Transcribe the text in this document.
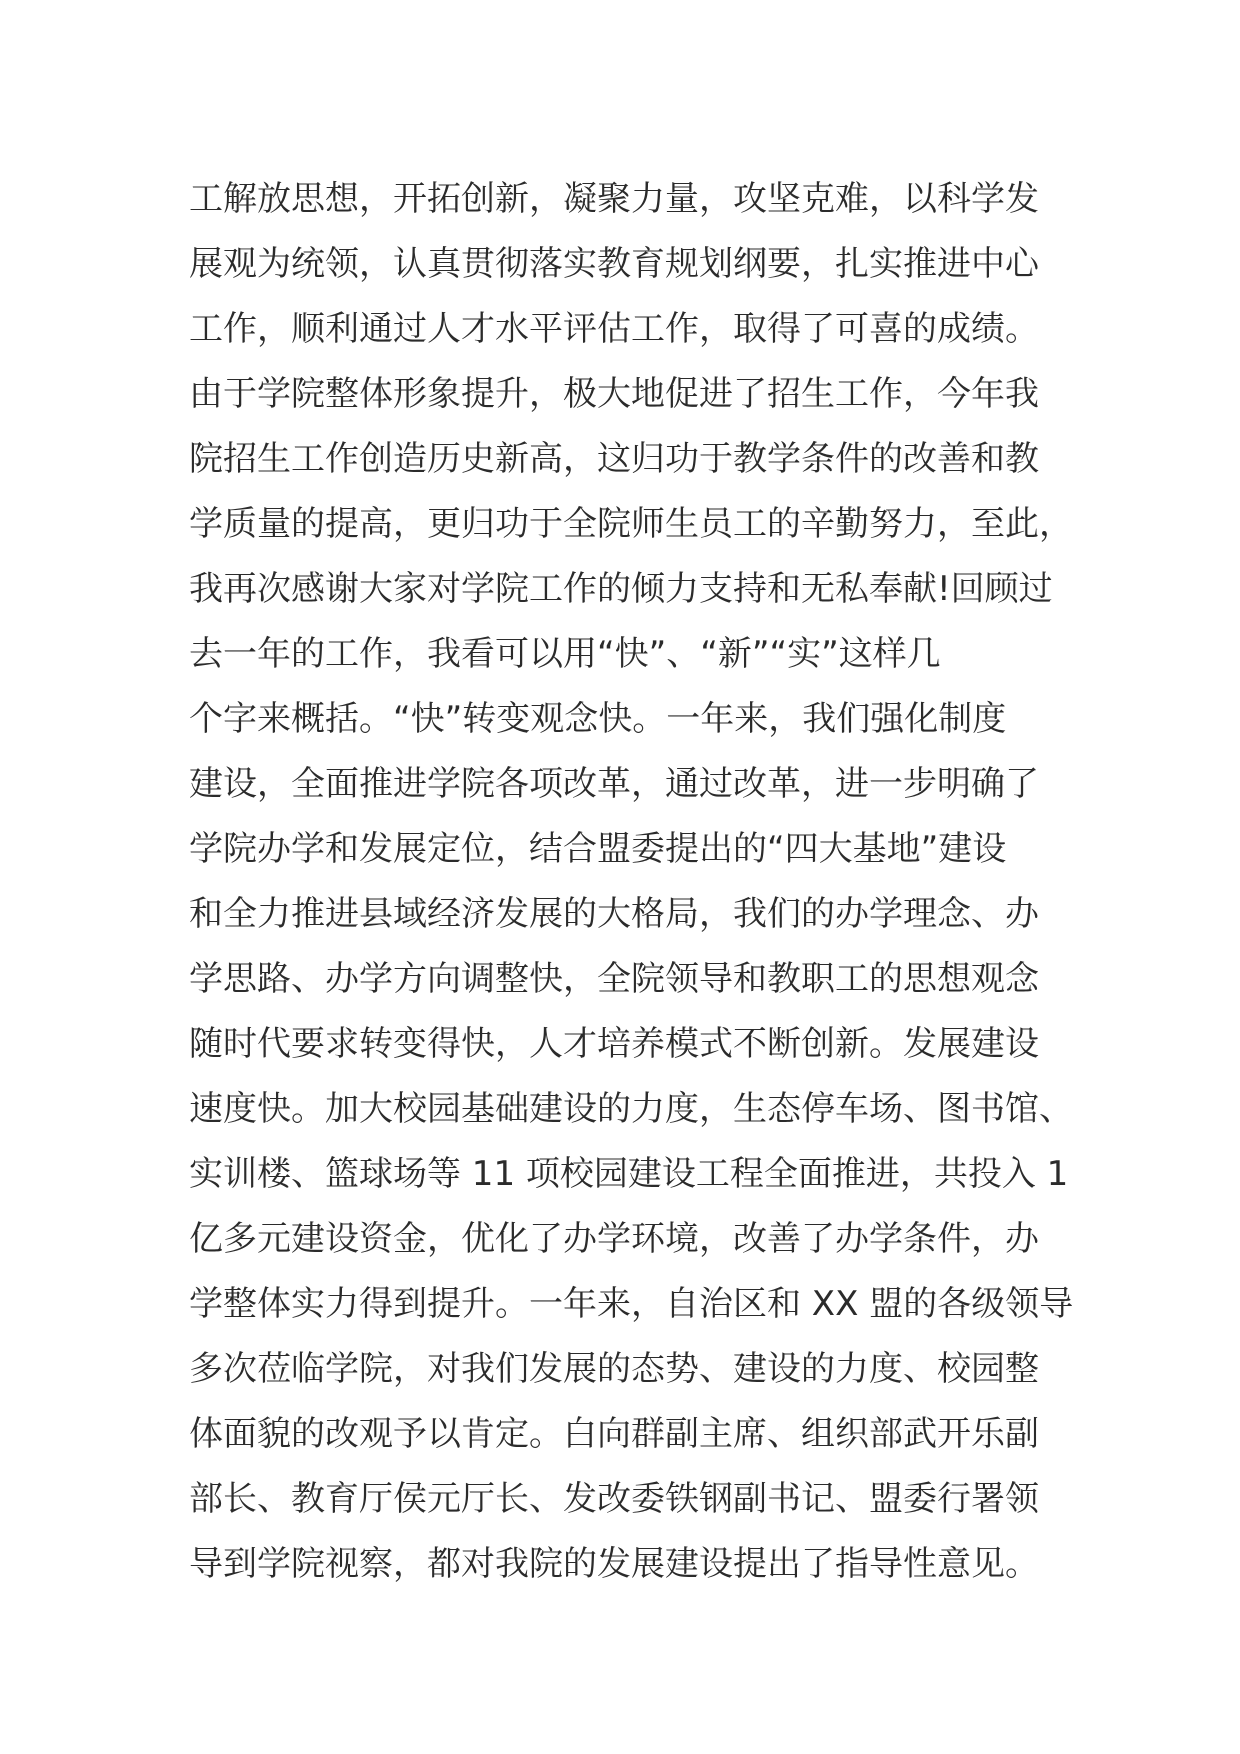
工解放思想，开拓创新，凝聚力量，攻坚克难，以科学发
展观为统领，认真贯彻落实教育规划纲要，扎实推进中心
工作，顺利通过人才水平评估工作，取得了可喜的成绩。
由于学院整体形象提升，极大地促进了招生工作，今年我
院招生工作创造历史新高，这归功于教学条件的改善和教
学质量的提高，更归功于全院师生员工的辛勤努力，至此，
我再次感谢大家对学院工作的倾力支持和无私奉献!回顾过
去一年的工作，我看可以用“快”、“新”“实”这样几
个字来概括。“快”转变观念快。一年来，我们强化制度
建设，全面推进学院各项改革，通过改革，进一步明确了
学院办学和发展定位，结合盟委提出的“四大基地”建设
和全力推进县域经济发展的大格局，我们的办学理念、办
学思路、办学方向调整快，全院领导和教职工的思想观念
随时代要求转变得快，人才培养模式不断创新。发展建设
速度快。加大校园基础建设的力度，生态停车场、图书馆、
实训楼、篮球场等 11 项校园建设工程全面推进，共投入 1
亿多元建设资金，优化了办学环境，改善了办学条件，办
学整体实力得到提升。一年来，自治区和 XX 盟的各级领导
多次莅临学院，对我们发展的态势、建设的力度、校园整
体面貌的改观予以肯定。白向群副主席、组织部武开乐副
部长、教育厅侯元厅长、发改委铁钢副书记、盟委行署领
导到学院视察，都对我院的发展建设提出了指导性意见。
